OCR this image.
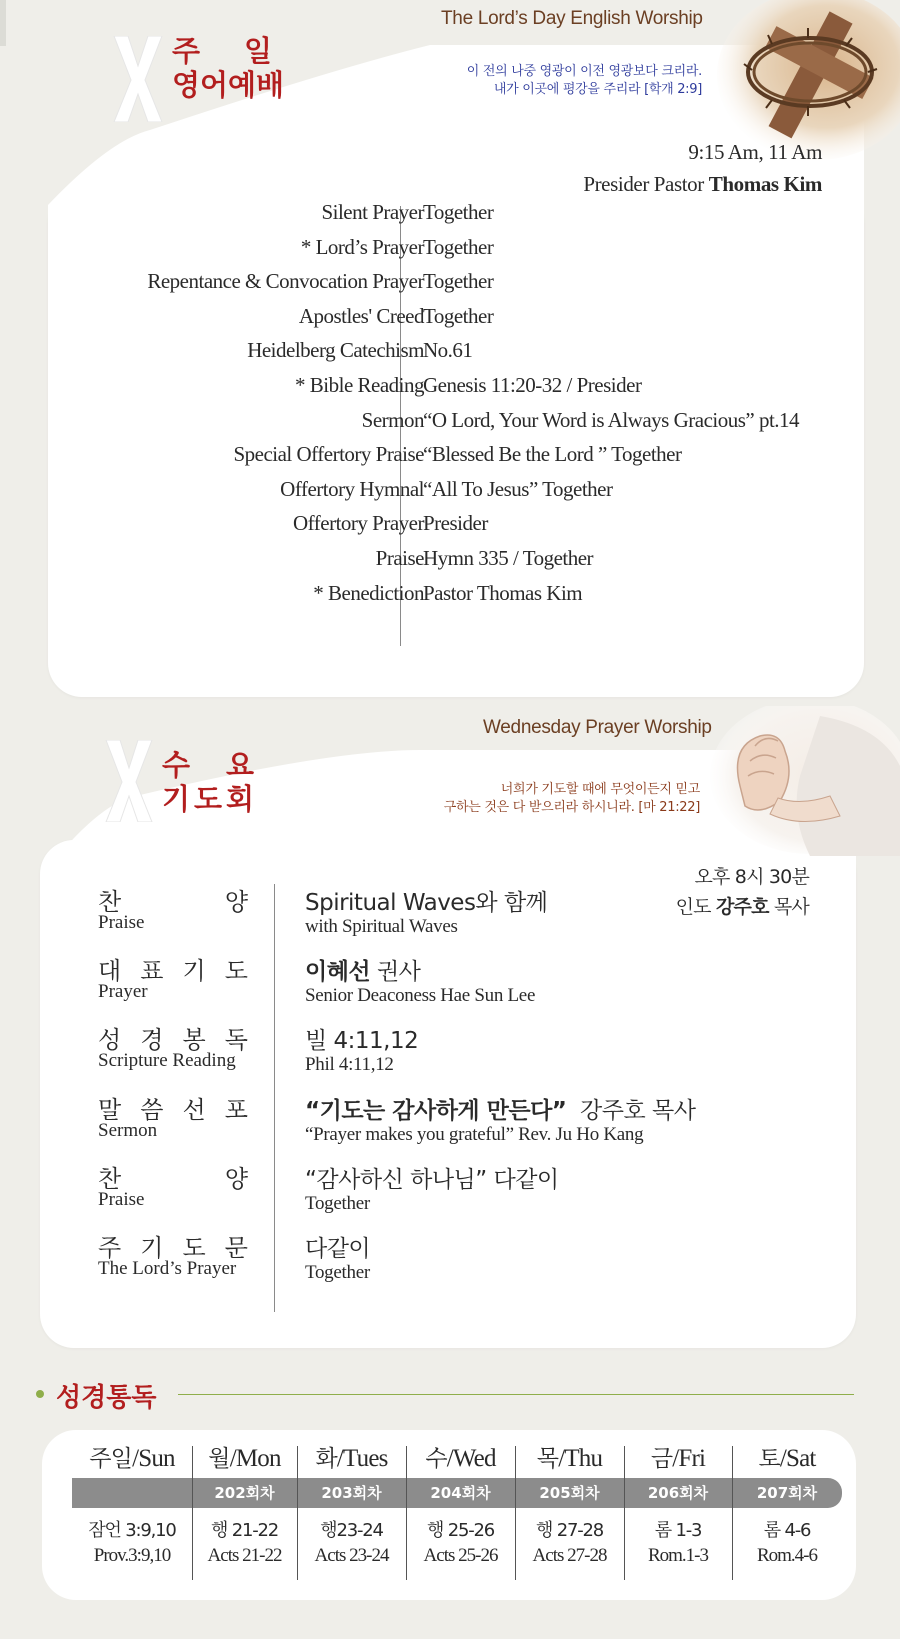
주 일
영어예배
The Lord’s Day English Worship
이 전의 나중 영광이 이전 영광보다 크리라.
내가 이곳에 평강을 주리라 [학개 2:9]
9:15 Am, 11 Am
Presider Pastor Thomas Kim
Silent Prayer Together
* Lord’s Prayer Together
Repentance & Convocation Prayer Together
Apostles' Creed Together
Heidelberg Catechism No.61
* Bible Reading Genesis 11:20-32 / Presider
Sermon “O Lord, Your Word is Always Gracious” pt.14
Special Offertory Praise “Blessed Be the Lord ” Together
Offertory Hymnal “All To Jesus” Together
Offertory Prayer Presider
Praise Hymn 335 / Together
* Benediction Pastor Thomas Kim
수 요
기 도 회
Wednesday Prayer Worship
너희가 기도할 때에 무엇이든지 믿고
구하는 것은 다 받으리라 하시니라. [마 21:22]
오후 8시 30분
인도 강주호 목사
찬	양
Praise
Spiritual Waves와 함께
with Spiritual Waves
대 표 기 도
Prayer
이혜선 권사
Senior Deaconess Hae Sun Lee
성 경 봉 독
Scripture Reading
빌 4:11,12
Phil 4:11,12
말 씀 선 포
Sermon
“기도는 감사하게 만든다”  강주호 목사
“Prayer makes you grateful” Rev. Ju Ho Kang
찬	양
Praise
“감사하신 하나님” 다같이
Together
주 기 도 문
The Lord’s Prayer
다같이
Together
성경통독
주일/Sun
잠언 3:9,10
Prov.3:9,10
월/Mon
202회차
행 21-22
Acts 21-22
화/Tues
203회차
행23-24
Acts 23-24
수/Wed
204회차
행 25-26
Acts 25-26
목/Thu
205회차
행 27-28
Acts 27-28
금/Fri
206회차
롬 1-3
Rom.1-3
토/Sat
207회차
롬 4-6
Rom.4-6
